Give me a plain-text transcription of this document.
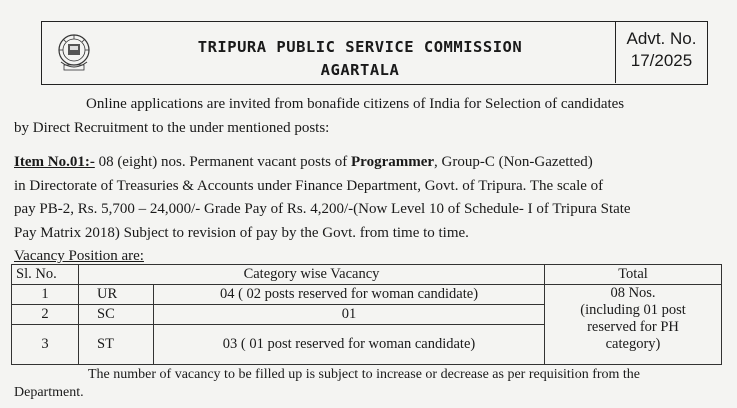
TRIPURA PUBLIC SERVICE COMMISSION
AGARTALA
Advt. No.
17/2025
Online applications are invited from bonafide citizens of India for Selection of candidates
by Direct Recruitment to the under mentioned posts:
Item No.01:- 08 (eight) nos. Permanent vacant posts of Programmer, Group-C (Non-Gazetted)
in Directorate of Treasuries & Accounts under Finance Department, Govt. of Tripura. The scale of
pay PB-2, Rs. 5,700 – 24,000/- Grade Pay of Rs. 4,200/-(Now Level 10 of Schedule- I of Tripura State
Pay Matrix 2018) Subject to revision of pay by the Govt. from time to time.
Vacancy Position are:
Sl. No.	Category wise Vacancy		Total
1	UR	04 ( 02 posts reserved for woman candidate)	08 Nos.
(including 01 post
reserved for PH
category)

2	SC	01	
3	ST	03 ( 01 post reserved for woman candidate)	
The number of vacancy to be filled up is subject to increase or decrease as per requisition from the
Department.
